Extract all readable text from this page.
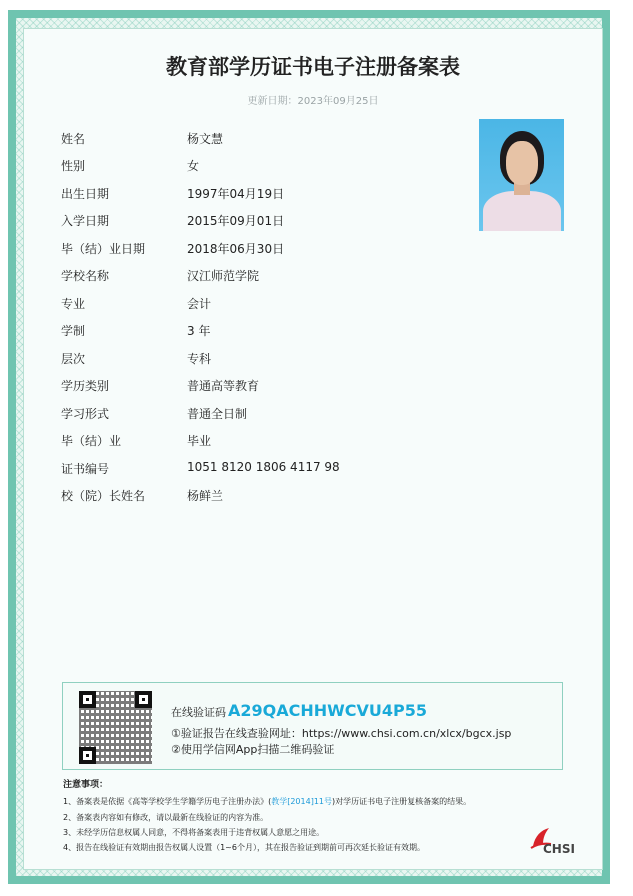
教育部学历证书电子注册备案表
更新日期：2023年09月25日
姓名	杨文慧
性别	女
出生日期	1997年04月19日
入学日期	2015年09月01日
毕（结）业日期	2018年06月30日
学校名称	汉江师范学院
专业	会计
学制	3 年
层次	专科
学历类别	普通高等教育
学习形式	普通全日制
毕（结）业	毕业
证书编号	1051 8120 1806 4117 98
校（院）长姓名	杨鲜兰
在线验证码 A29QACHHWCVU4P55
①验证报告在线查验网址：https://www.chsi.com.cn/xlcx/bgcx.jsp
②使用学信网App扫描二维码验证
注意事项：
1、备案表是依据《高等学校学生学籍学历电子注册办法》(教学[2014]11号)对学历证书电子注册复核备案的结果。
2、备案表内容如有修改，请以最新在线验证的内容为准。
3、未经学历信息权属人同意，不得将备案表用于违背权属人意愿之用途。
4、报告在线验证有效期由报告权属人设置（1~6个月），其在报告验证到期前可再次延长验证有效期。	CHSI
